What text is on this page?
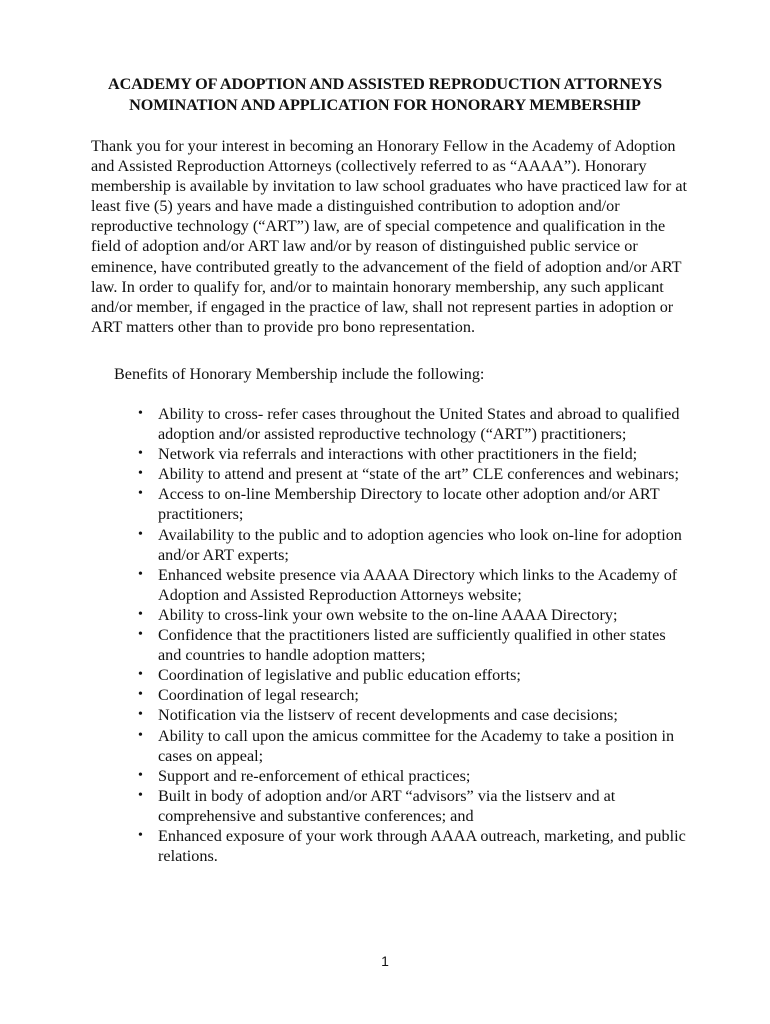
ACADEMY OF ADOPTION AND ASSISTED REPRODUCTION ATTORNEYS
NOMINATION AND APPLICATION FOR HONORARY MEMBERSHIP

Thank you for your interest in becoming an Honorary Fellow in the Academy of Adoption and Assisted Reproduction Attorneys (collectively referred to as “AAAA”). Honorary membership is available by invitation to law school graduates who have practiced law for at least five (5) years and have made a distinguished contribution to adoption and/or reproductive technology (“ART”) law, are of special competence and qualification in the field of adoption and/or ART law and/or by reason of distinguished public service or eminence, have contributed greatly to the advancement of the field of adoption and/or ART law. In order to qualify for, and/or to maintain honorary membership, any such applicant and/or member, if engaged in the practice of law, shall not represent parties in adoption or ART matters other than to provide pro bono representation.

Benefits of Honorary Membership include the following:

• Ability to cross- refer cases throughout the United States and abroad to qualified adoption and/or assisted reproductive technology (“ART”) practitioners;
• Network via referrals and interactions with other practitioners in the field;
• Ability to attend and present at “state of the art” CLE conferences and webinars;
• Access to on-line Membership Directory to locate other adoption and/or ART practitioners;
• Availability to the public and to adoption agencies who look on-line for adoption and/or ART experts;
• Enhanced website presence via AAAA Directory which links to the Academy of Adoption and Assisted Reproduction Attorneys website;
• Ability to cross-link your own website to the on-line AAAA Directory;
• Confidence that the practitioners listed are sufficiently qualified in other states and countries to handle adoption matters;
• Coordination of legislative and public education efforts;
• Coordination of legal research;
• Notification via the listserv of recent developments and case decisions;
• Ability to call upon the amicus committee for the Academy to take a position in cases on appeal;
• Support and re-enforcement of ethical practices;
• Built in body of adoption and/or ART “advisors” via the listserv and at comprehensive and substantive conferences; and
• Enhanced exposure of your work through AAAA outreach, marketing, and public relations.
1
